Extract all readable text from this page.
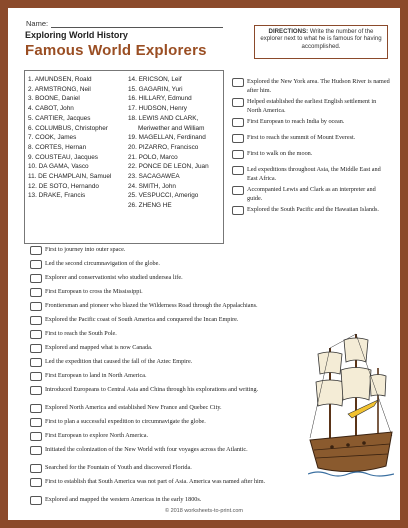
Name:
Exploring World History
Famous World Explorers
DIRECTIONS: Write the number of the explorer next to what he is famous for having accomplished.
1. AMUNDSEN, Roald
2. ARMSTRONG, Neil
3. BOONE, Daniel
4. CABOT, John
5. CARTIER, Jacques
6. COLUMBUS, Christopher
7. COOK, James
8. CORTES, Hernan
9. COUSTEAU, Jacques
10. DA GAMA, Vasco
11. DE CHAMPLAIN, Samuel
12. DE SOTO, Hernando
13. DRAKE, Francis
14. ERICSON, Leif
15. GAGARIN, Yuri
16. HILLARY, Edmund
17. HUDSON, Henry
18. LEWIS AND CLARK, Meriwether and William
19. MAGELLAN, Ferdinand
20. PIZARRO, Francisco
21. POLO, Marco
22. PONCE DE LEON, Juan
23. SACAGAWEA
24. SMITH, John
25. VESPUCCI, Amerigo
26. ZHENG HE
Explored the New York area. The Hudson River is named after him.
Helped established the earliest English settlement in North America.
First European to reach India by ocean.
First to reach the summit of Mount Everest.
First to walk on the moon.
Led expeditions throughout Asia, the Middle East and East Africa.
Accompanied Lewis and Clark as an interpreter and guide.
Explored the South Pacific and the Hawaiian Islands.
First to journey into outer space.
Led the second circumnavigation of the globe.
Explorer and conservationist who studied undersea life.
First European to cross the Mississippi.
Frontiersman and pioneer who blazed the Wilderness Road through the Appalachians.
Explored the Pacific coast of South America and conquered the Incan Empire.
First to reach the South Pole.
Explored and mapped what is now Canada.
Led the expedition that caused the fall of the Aztec Empire.
First European to land in North America.
Introduced Europeans to Central Asia and China through his explorations and writing.
Explored North America and established New France and Quebec City.
First to plan a successful expedition to circumnavigate the globe.
First European to explore North America.
Initiated the colonization of the New World with four voyages across the Atlantic.
Searched for the Fountain of Youth and discovered Florida.
First to establish that South America was not part of Asia. America was named after him.
Explored and mapped the western Americas in the early 1800s.
© 2018 worksheets-to-print.com
